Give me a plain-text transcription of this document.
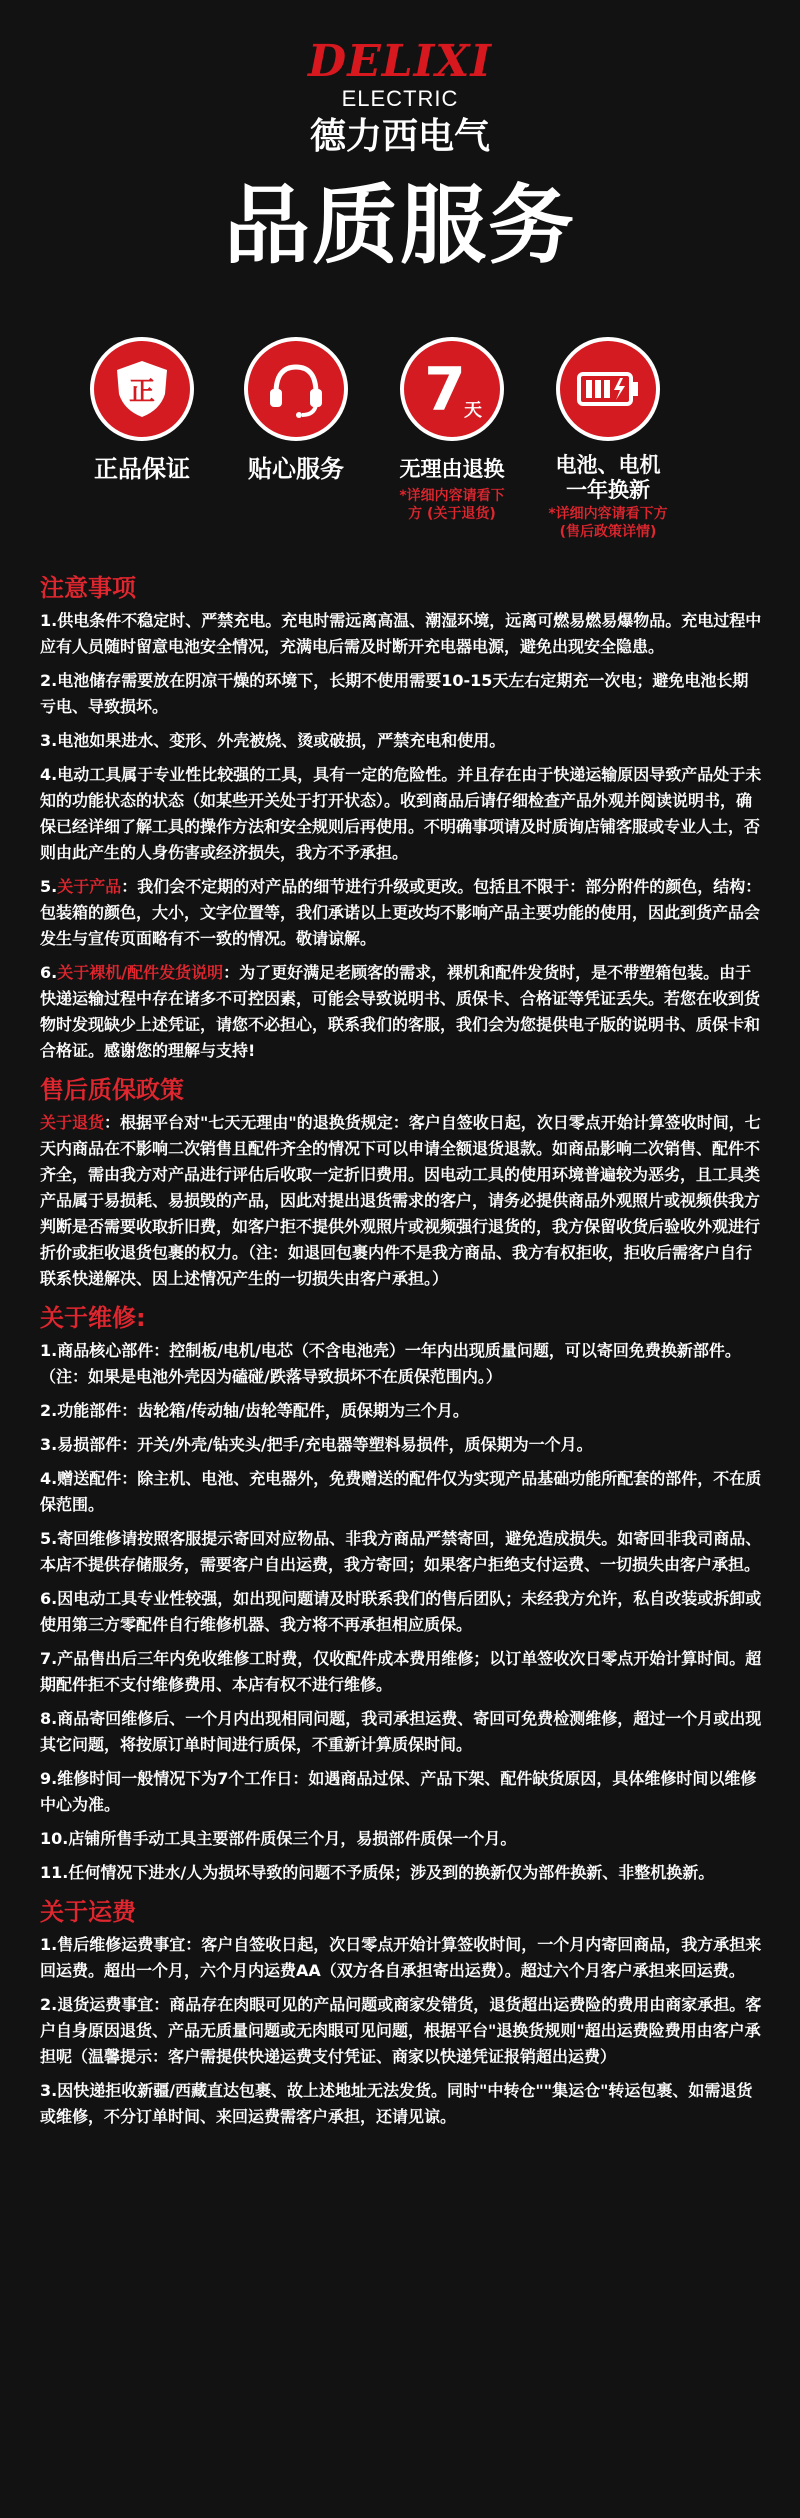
DELIXI
ELECTRIC
德力西电气
品质服务
正
正品保证	贴心服务
7
天
无理由退换
*详细内容请看下方 (关于退货)
电池、电机 一年换新
*详细内容请看下方 (售后政策详情)
注意事项
1.供电条件不稳定时、严禁充电。充电时需远离高温、潮湿环境，远离可燃易燃易爆物品。充电过程中应有人员随时留意电池安全情况，充满电后需及时断开充电器电源，避免出现安全隐患。
2.电池储存需要放在阴凉干燥的环境下，长期不使用需要10-15天左右定期充一次电；避免电池长期亏电、导致损坏。
3.电池如果进水、变形、外壳被烧、烫或破损，严禁充电和使用。
4.电动工具属于专业性比较强的工具，具有一定的危险性。并且存在由于快递运输原因导致产品处于未知的功能状态的状态（如某些开关处于打开状态）。收到商品后请仔细检查产品外观并阅读说明书，确保已经详细了解工具的操作方法和安全规则后再使用。不明确事项请及时质询店铺客服或专业人士，否则由此产生的人身伤害或经济损失，我方不予承担。
5.关于产品：我们会不定期的对产品的细节进行升级或更改。包括且不限于：部分附件的颜色，结构：包装箱的颜色，大小，文字位置等，我们承诺以上更改均不影响产品主要功能的使用，因此到货产品会发生与宣传页面略有不一致的情况。敬请谅解。
6.关于裸机/配件发货说明：为了更好满足老顾客的需求，裸机和配件发货时，是不带塑箱包装。由于快递运输过程中存在诸多不可控因素，可能会导致说明书、质保卡、合格证等凭证丢失。若您在收到货物时发现缺少上述凭证，请您不必担心，联系我们的客服，我们会为您提供电子版的说明书、质保卡和合格证。感谢您的理解与支持!
售后质保政策
关于退货：根据平台对"七天无理由"的退换货规定：客户自签收日起，次日零点开始计算签收时间，七天内商品在不影响二次销售且配件齐全的情况下可以申请全额退货退款。如商品影响二次销售、配件不齐全，需由我方对产品进行评估后收取一定折旧费用。因电动工具的使用环境普遍较为恶劣，且工具类产品属于易损耗、易损毁的产品，因此对提出退货需求的客户，请务必提供商品外观照片或视频供我方判断是否需要收取折旧费，如客户拒不提供外观照片或视频强行退货的，我方保留收货后验收外观进行折价或拒收退货包裹的权力。（注：如退回包裹内件不是我方商品、我方有权拒收，拒收后需客户自行联系快递解决、因上述情况产生的一切损失由客户承担。）
关于维修:
1.商品核心部件：控制板/电机/电芯（不含电池壳）一年内出现质量问题，可以寄回免费换新部件。（注：如果是电池外壳因为磕碰/跌落导致损坏不在质保范围内。）
2.功能部件：齿轮箱/传动轴/齿轮等配件，质保期为三个月。
3.易损部件：开关/外壳/钻夹头/把手/充电器等塑料易损件，质保期为一个月。
4.赠送配件：除主机、电池、充电器外，免费赠送的配件仅为实现产品基础功能所配套的部件，不在质保范围。
5.寄回维修请按照客服提示寄回对应物品、非我方商品严禁寄回，避免造成损失。如寄回非我司商品、本店不提供存储服务，需要客户自出运费，我方寄回；如果客户拒绝支付运费、一切损失由客户承担。
6.因电动工具专业性较强，如出现问题请及时联系我们的售后团队；未经我方允许，私自改装或拆卸或使用第三方零配件自行维修机器、我方将不再承担相应质保。
7.产品售出后三年内免收维修工时费，仅收配件成本费用维修；以订单签收次日零点开始计算时间。超期配件拒不支付维修费用、本店有权不进行维修。
8.商品寄回维修后、一个月内出现相同问题，我司承担运费、寄回可免费检测维修，超过一个月或出现其它问题，将按原订单时间进行质保，不重新计算质保时间。
9.维修时间一般情况下为7个工作日：如遇商品过保、产品下架、配件缺货原因，具体维修时间以维修中心为准。
10.店铺所售手动工具主要部件质保三个月，易损部件质保一个月。
11.任何情况下进水/人为损坏导致的问题不予质保；涉及到的换新仅为部件换新、非整机换新。
关于运费
1.售后维修运费事宜：客户自签收日起，次日零点开始计算签收时间，一个月内寄回商品，我方承担来回运费。超出一个月，六个月内运费AA（双方各自承担寄出运费）。超过六个月客户承担来回运费。
2.退货运费事宜：商品存在肉眼可见的产品问题或商家发错货，退货超出运费险的费用由商家承担。客户自身原因退货、产品无质量问题或无肉眼可见问题，根据平台"退换货规则"超出运费险费用由客户承担呢（温馨提示：客户需提供快递运费支付凭证、商家以快递凭证报销超出运费）
3.因快递拒收新疆/西藏直达包裹、故上述地址无法发货。同时"中转仓""集运仓"转运包裹、如需退货或维修，不分订单时间、来回运费需客户承担，还请见谅。
